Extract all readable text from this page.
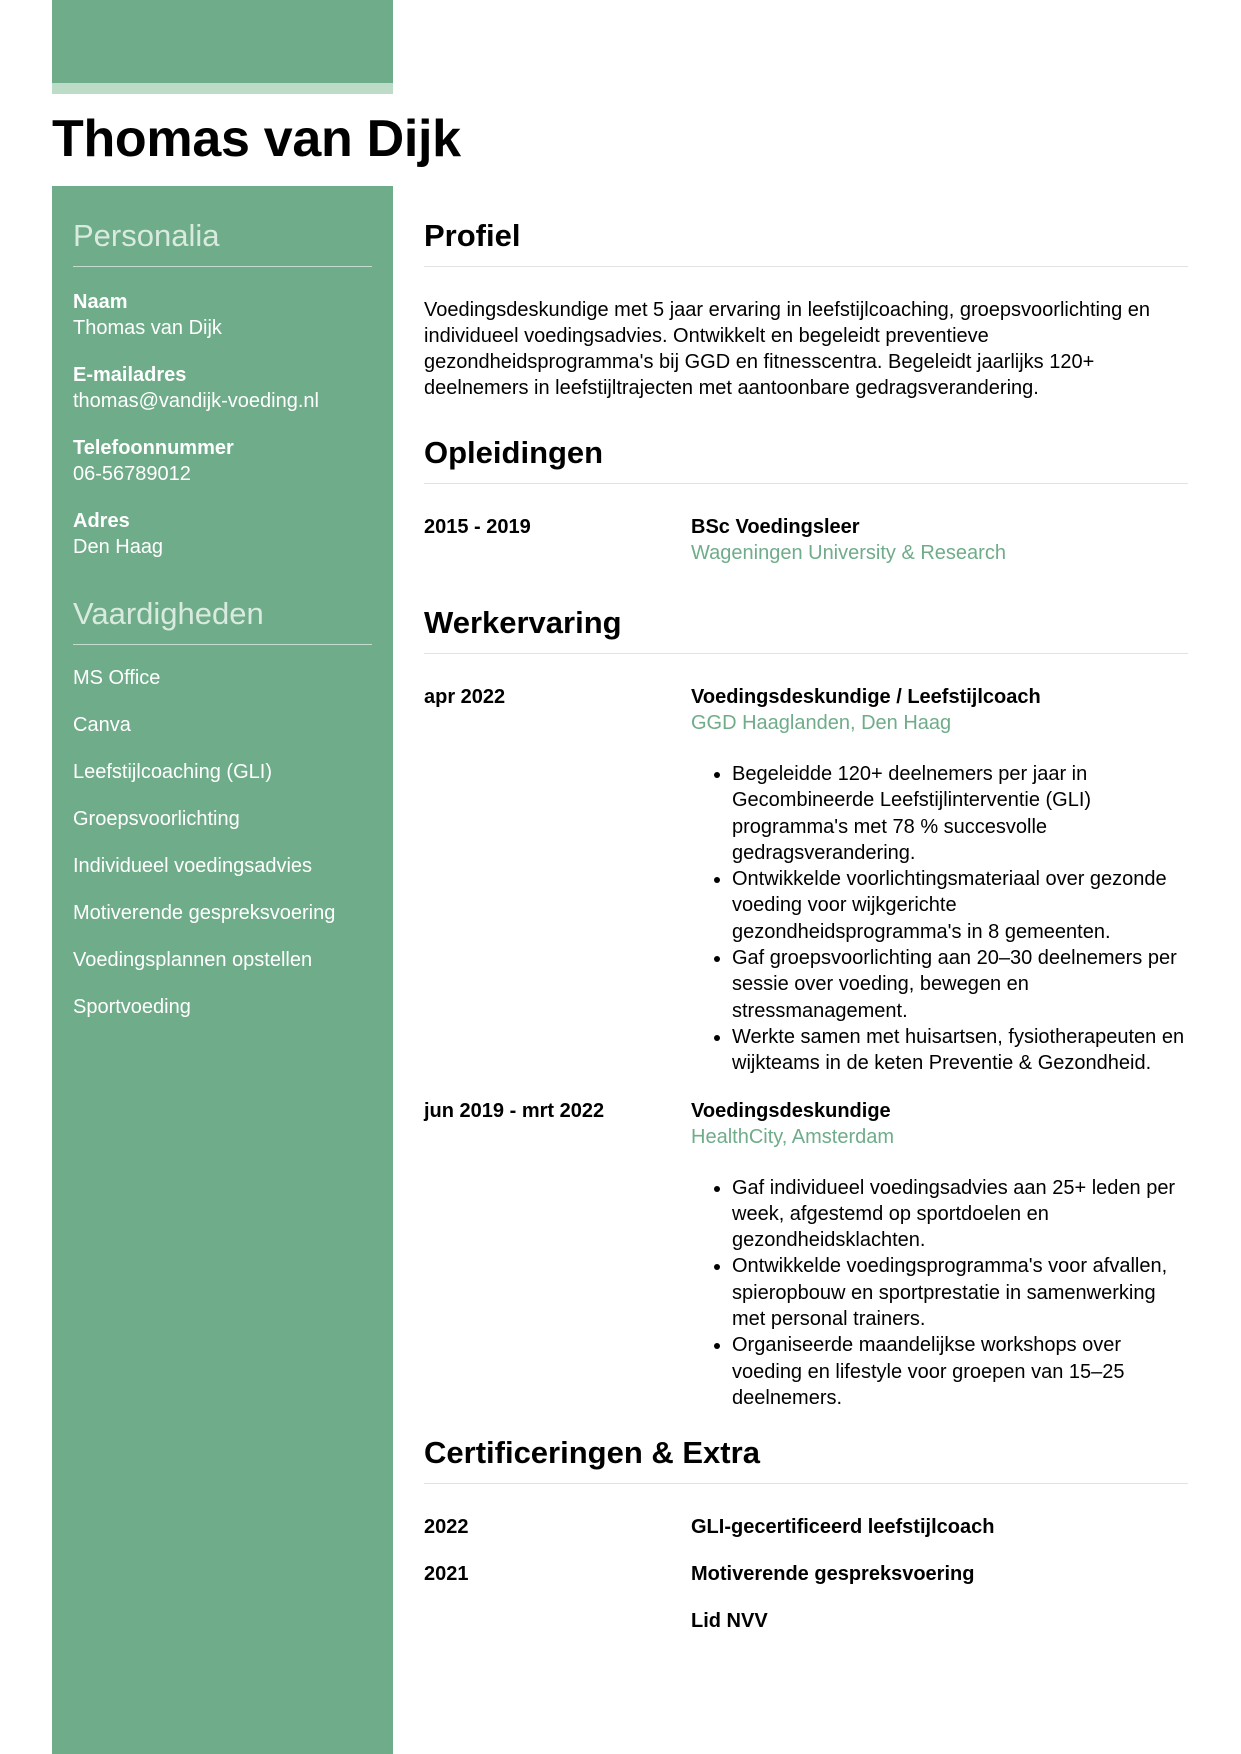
Thomas van Dijk
Personalia
Naam
Thomas van Dijk
E-mailadres
thomas@vandijk-voeding.nl
Telefoonnummer
06-56789012
Adres
Den Haag
Vaardigheden
MS Office
Canva
Leefstijlcoaching (GLI)
Groepsvoorlichting
Individueel voedingsadvies
Motiverende gespreksvoering
Voedingsplannen opstellen
Sportvoeding
Profiel

Voedingsdeskundige met 5 jaar ervaring in leefstijlcoaching, groepsvoorlichting en individueel voedingsadvies. Ontwikkelt en begeleidt preventieve gezondheidsprogramma's bij GGD en fitnesscentra. Begeleidt jaarlijks 120+ deelnemers in leefstijltrajecten met aantoonbare gedragsverandering.

Opleidingen
2015 - 2019	BSc Voedingsleer
Wageningen University & Research
Werkervaring
apr 2022	Voedingsdeskundige / Leefstijlcoach
GGD Haaglanden, Den Haag
• Begeleidde 120+ deelnemers per jaar in Gecombineerde Leefstijlinterventie (GLI) programma's met 78 % succesvolle gedragsverandering.
• Ontwikkelde voorlichtingsmateriaal over gezonde voeding voor wijkgerichte gezondheidsprogramma's in 8 gemeenten.
• Gaf groepsvoorlichting aan 20–30 deelnemers per sessie over voeding, bewegen en stressmanagement.
• Werkte samen met huisartsen, fysiotherapeuten en wijkteams in de keten Preventie & Gezondheid.
jun 2019 - mrt 2022	Voedingsdeskundige
HealthCity, Amsterdam
• Gaf individueel voedingsadvies aan 25+ leden per week, afgestemd op sportdoelen en gezondheidsklachten.
• Ontwikkelde voedingsprogramma's voor afvallen, spieropbouw en sportprestatie in samenwerking met personal trainers.
• Organiseerde maandelijkse workshops over voeding en lifestyle voor groepen van 15–25 deelnemers.
Certificeringen & Extra
2022	GLI-gecertificeerd leefstijlcoach
2021	Motiverende gespreksvoering
Lid NVV
